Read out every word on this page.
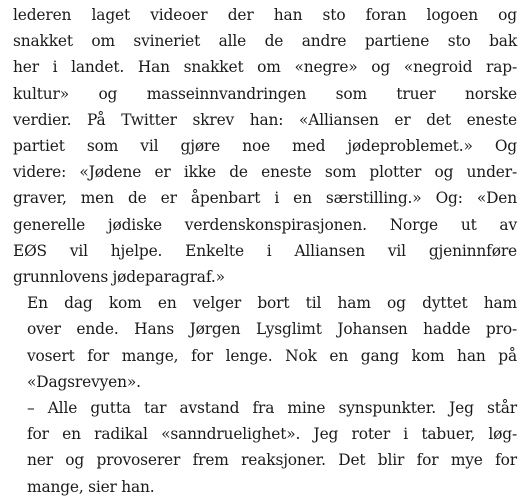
lederen laget videoer der han sto foran logoen og
snakket om svineriet alle de andre partiene sto bak
her i landet. Han snakket om «negre» og «negroid rap-
kultur» og masseinnvandringen som truer norske
verdier. På Twitter skrev han: «Alliansen er det eneste
partiet som vil gjøre noe med jødeproblemet.» Og
videre: «Jødene er ikke de eneste som plotter og under-
graver, men de er åpenbart i en særstilling.» Og: «Den
generelle jødiske verdenskonspirasjonen. Norge ut av
EØS vil hjelpe. Enkelte i Alliansen vil gjeninnføre
grunnlovens jødeparagraf.»

En dag kom en velger bort til ham og dyttet ham
over ende. Hans Jørgen Lysglimt Johansen hadde pro-
vosert for mange, for lenge. Nok en gang kom han på
«Dagsrevyen».

– Alle gutta tar avstand fra mine synspunkter. Jeg står
for en radikal «sanndruelighet». Jeg roter i tabuer, løg-
ner og provoserer frem reaksjoner. Det blir for mye for
mange, sier han.
